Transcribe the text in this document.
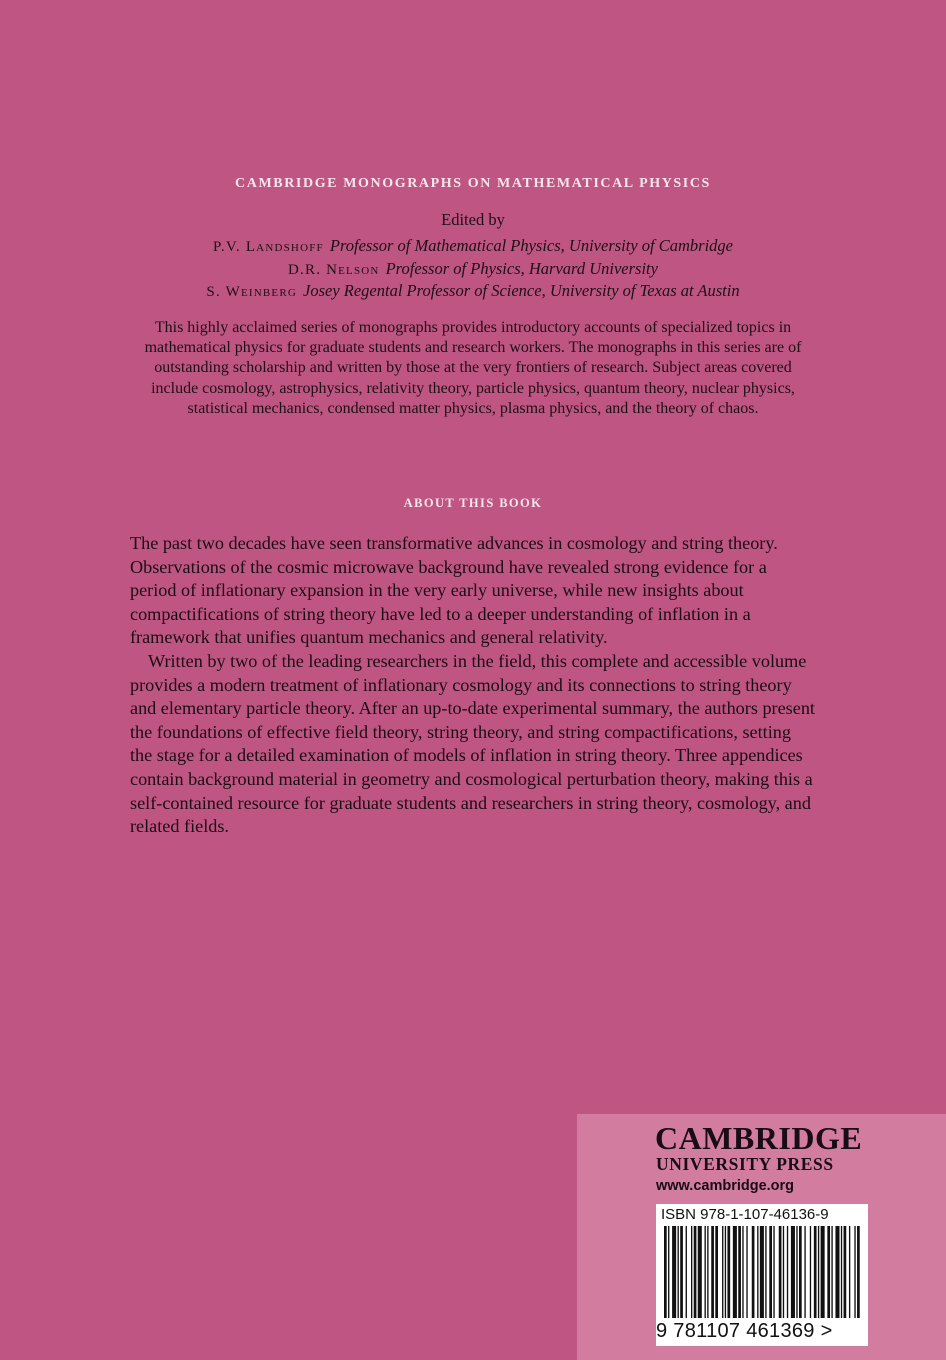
CAMBRIDGE MONOGRAPHS ON MATHEMATICAL PHYSICS
Edited by
P.V. Landshoff Professor of Mathematical Physics, University of Cambridge
D.R. Nelson Professor of Physics, Harvard University
S. Weinberg Josey Regental Professor of Science, University of Texas at Austin
This highly acclaimed series of monographs provides introductory accounts of specialized topics in mathematical physics for graduate students and research workers. The monographs in this series are of outstanding scholarship and written by those at the very frontiers of research. Subject areas covered include cosmology, astrophysics, relativity theory, particle physics, quantum theory, nuclear physics, statistical mechanics, condensed matter physics, plasma physics, and the theory of chaos.
ABOUT THIS BOOK

The past two decades have seen transformative advances in cosmology and string theory. Observations of the cosmic microwave background have revealed strong evidence for a period of inflationary expansion in the very early universe, while new insights about compactifications of string theory have led to a deeper understanding of inflation in a framework that unifies quantum mechanics and general relativity.

Written by two of the leading researchers in the field, this complete and accessible volume provides a modern treatment of inflationary cosmology and its connections to string theory and elementary particle theory. After an up-to-date experimental summary, the authors present the foundations of effective field theory, string theory, and string compactifications, setting the stage for a detailed examination of models of inflation in string theory. Three appendices contain background material in geometry and cosmological perturbation theory, making this a self-contained resource for graduate students and researchers in string theory, cosmology, and related fields.

CAMBRIDGE
UNIVERSITY PRESS
www.cambridge.org
ISBN 978-1-107-46136-9
9 781107 461369 >
